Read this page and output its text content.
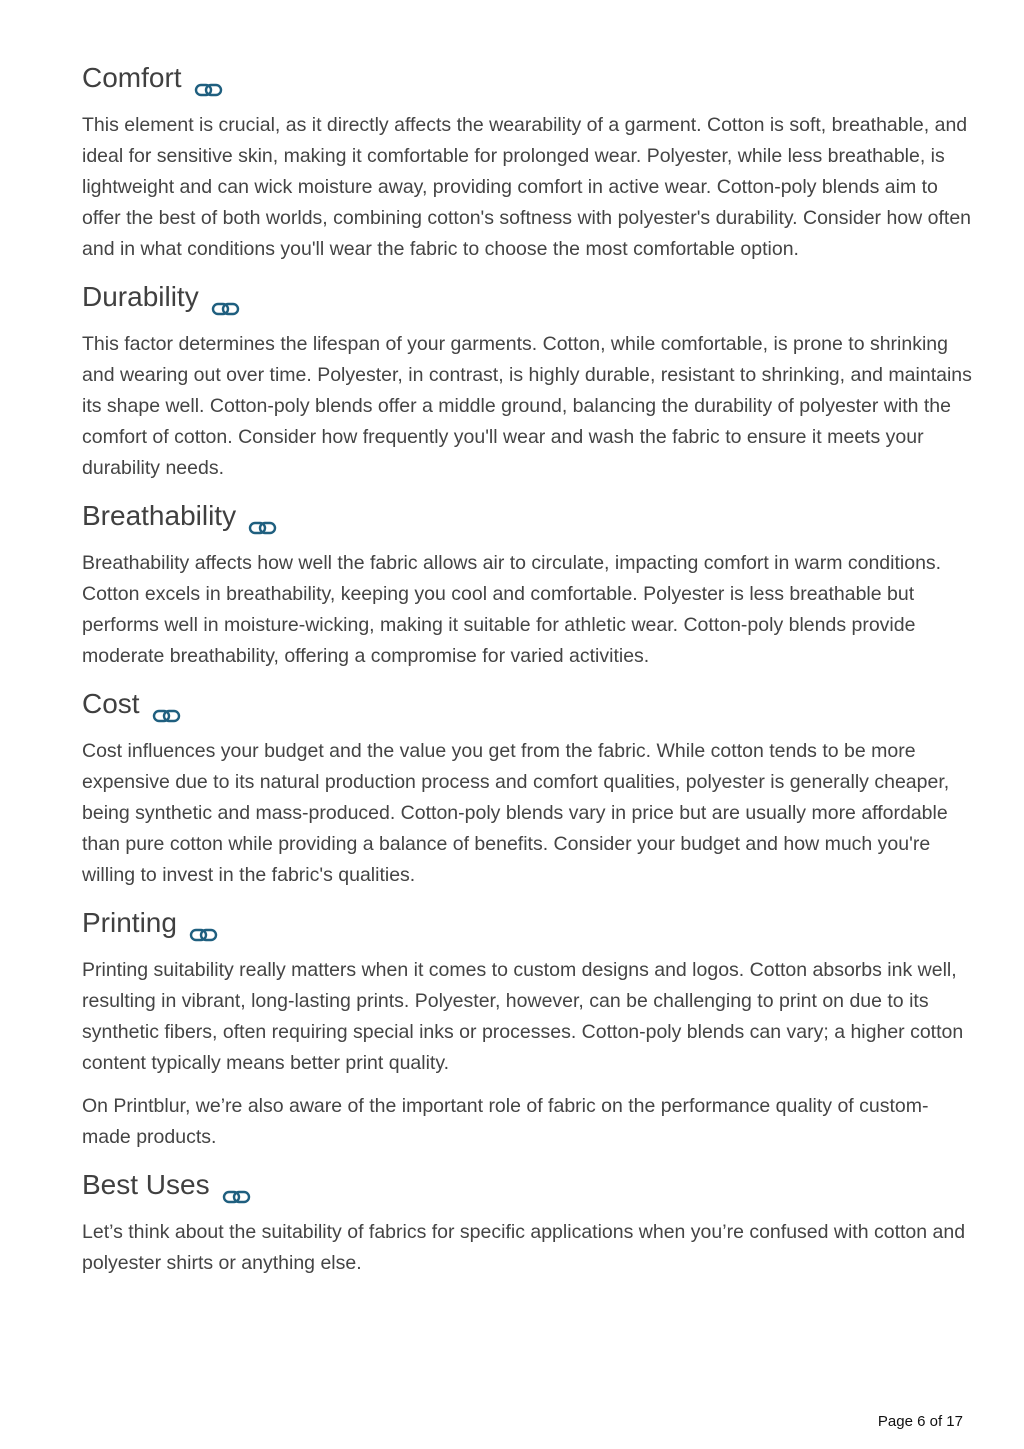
Comfort

This element is crucial, as it directly affects the wearability of a garment. Cotton is soft, breathable, and ideal for sensitive skin, making it comfortable for prolonged wear. Polyester, while less breathable, is lightweight and can wick moisture away, providing comfort in active wear. Cotton-poly blends aim to offer the best of both worlds, combining cotton's softness with polyester's durability. Consider how often and in what conditions you'll wear the fabric to choose the most comfortable option.

Durability

This factor determines the lifespan of your garments. Cotton, while comfortable, is prone to shrinking and wearing out over time. Polyester, in contrast, is highly durable, resistant to shrinking, and maintains its shape well. Cotton-poly blends offer a middle ground, balancing the durability of polyester with the comfort of cotton. Consider how frequently you'll wear and wash the fabric to ensure it meets your durability needs.

Breathability

Breathability affects how well the fabric allows air to circulate, impacting comfort in warm conditions. Cotton excels in breathability, keeping you cool and comfortable. Polyester is less breathable but performs well in moisture-wicking, making it suitable for athletic wear. Cotton-poly blends provide moderate breathability, offering a compromise for varied activities.

Cost

Cost influences your budget and the value you get from the fabric. While cotton tends to be more expensive due to its natural production process and comfort qualities, polyester is generally cheaper, being synthetic and mass-produced. Cotton-poly blends vary in price but are usually more affordable than pure cotton while providing a balance of benefits. Consider your budget and how much you're willing to invest in the fabric's qualities.

Printing

Printing suitability really matters when it comes to custom designs and logos. Cotton absorbs ink well, resulting in vibrant, long-lasting prints. Polyester, however, can be challenging to print on due to its synthetic fibers, often requiring special inks or processes. Cotton-poly blends can vary; a higher cotton content typically means better print quality.

On Printblur, we’re also aware of the important role of fabric on the performance quality of custom-made products.

Best Uses

Let’s think about the suitability of fabrics for specific applications when you’re confused with cotton and polyester shirts or anything else.

Page 6 of 17
